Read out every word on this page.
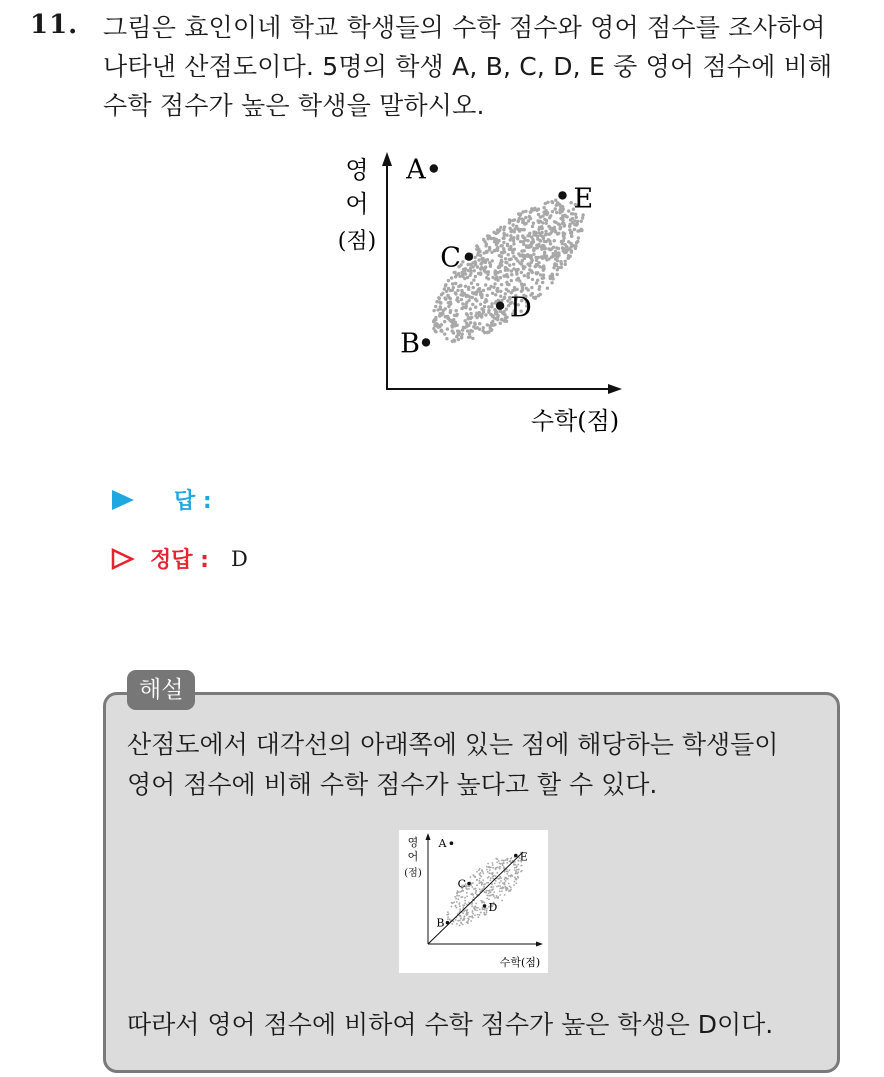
11. 그림은 효인이네 학교 학생들의 수학 점수와 영어 점수를 조사하여
나타낸 산점도이다. 5명의 학생 A, B, C, D, E 중 영어 점수에 비해
수학 점수가 높은 학생을 말하시오.
영
어
(점)
수학(점)
A
B
C
D
E
답 :
정답 : D
해설
산점도에서 대각선의 아래쪽에 있는 점에 해당하는 학생들이
영어 점수에 비해 수학 점수가 높다고 할 수 있다.
영
어
(점)
수학(점)
A
B
C
D
E
따라서 영어 점수에 비하여 수학 점수가 높은 학생은 D이다.
